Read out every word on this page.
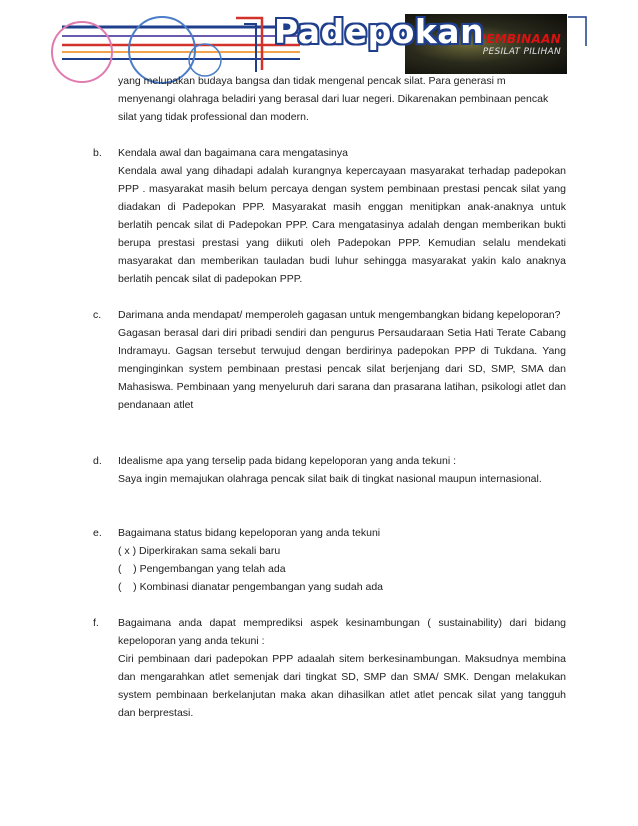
Padepokan
PEMBINAAN
PESILAT PILIHAN
yang melupakan budaya bangsa dan tidak mengenal pencak silat. Para generasi m
menyenangi olahraga beladiri yang berasal dari luar negeri. Dikarenakan pembinaan pencak
silat yang tidak professional dan modern.
b. Kendala awal dan bagaimana cara mengatasinya
Kendala awal yang dihadapi adalah kurangnya kepercayaan masyarakat terhadap padepokan PPP . masyarakat masih belum percaya dengan system pembinaan prestasi pencak silat yang diadakan di Padepokan PPP. Masyarakat masih enggan menitipkan anak-anaknya untuk berlatih pencak silat di Padepokan PPP. Cara mengatasinya adalah dengan memberikan bukti berupa prestasi prestasi yang diikuti oleh Padepokan PPP. Kemudian selalu mendekati masyarakat dan memberikan tauladan budi luhur sehingga masyarakat yakin kalo anaknya berlatih pencak silat di padepokan PPP.
c. Darimana anda mendapat/ memperoleh gagasan untuk mengembangkan bidang kepeloporan?
Gagasan berasal dari diri pribadi sendiri dan pengurus Persaudaraan Setia Hati Terate Cabang Indramayu. Gagsan tersebut terwujud dengan berdirinya padepokan PPP di Tukdana. Yang menginginkan system pembinaan prestasi pencak silat berjenjang dari SD, SMP, SMA dan Mahasiswa. Pembinaan yang menyeluruh dari sarana dan prasarana latihan, psikologi atlet dan pendanaan atlet
d. Idealisme apa yang terselip pada bidang kepeloporan yang anda tekuni :
Saya ingin memajukan olahraga pencak silat baik di tingkat nasional maupun internasional.
e. Bagaimana status bidang kepeloporan yang anda tekuni
( x ) Diperkirakan sama sekali baru
(    ) Pengembangan yang telah ada
(    ) Kombinasi dianatar pengembangan yang sudah ada
f. Bagaimana anda dapat memprediksi aspek kesinambungan ( sustainability) dari bidang kepeloporan yang anda tekuni :
Ciri pembinaan dari padepokan PPP adaalah sitem berkesinambungan. Maksudnya membina dan mengarahkan atlet semenjak dari tingkat SD, SMP dan SMA/ SMK. Dengan melakukan system pembinaan berkelanjutan maka akan dihasilkan atlet atlet pencak silat yang tangguh dan berprestasi.
